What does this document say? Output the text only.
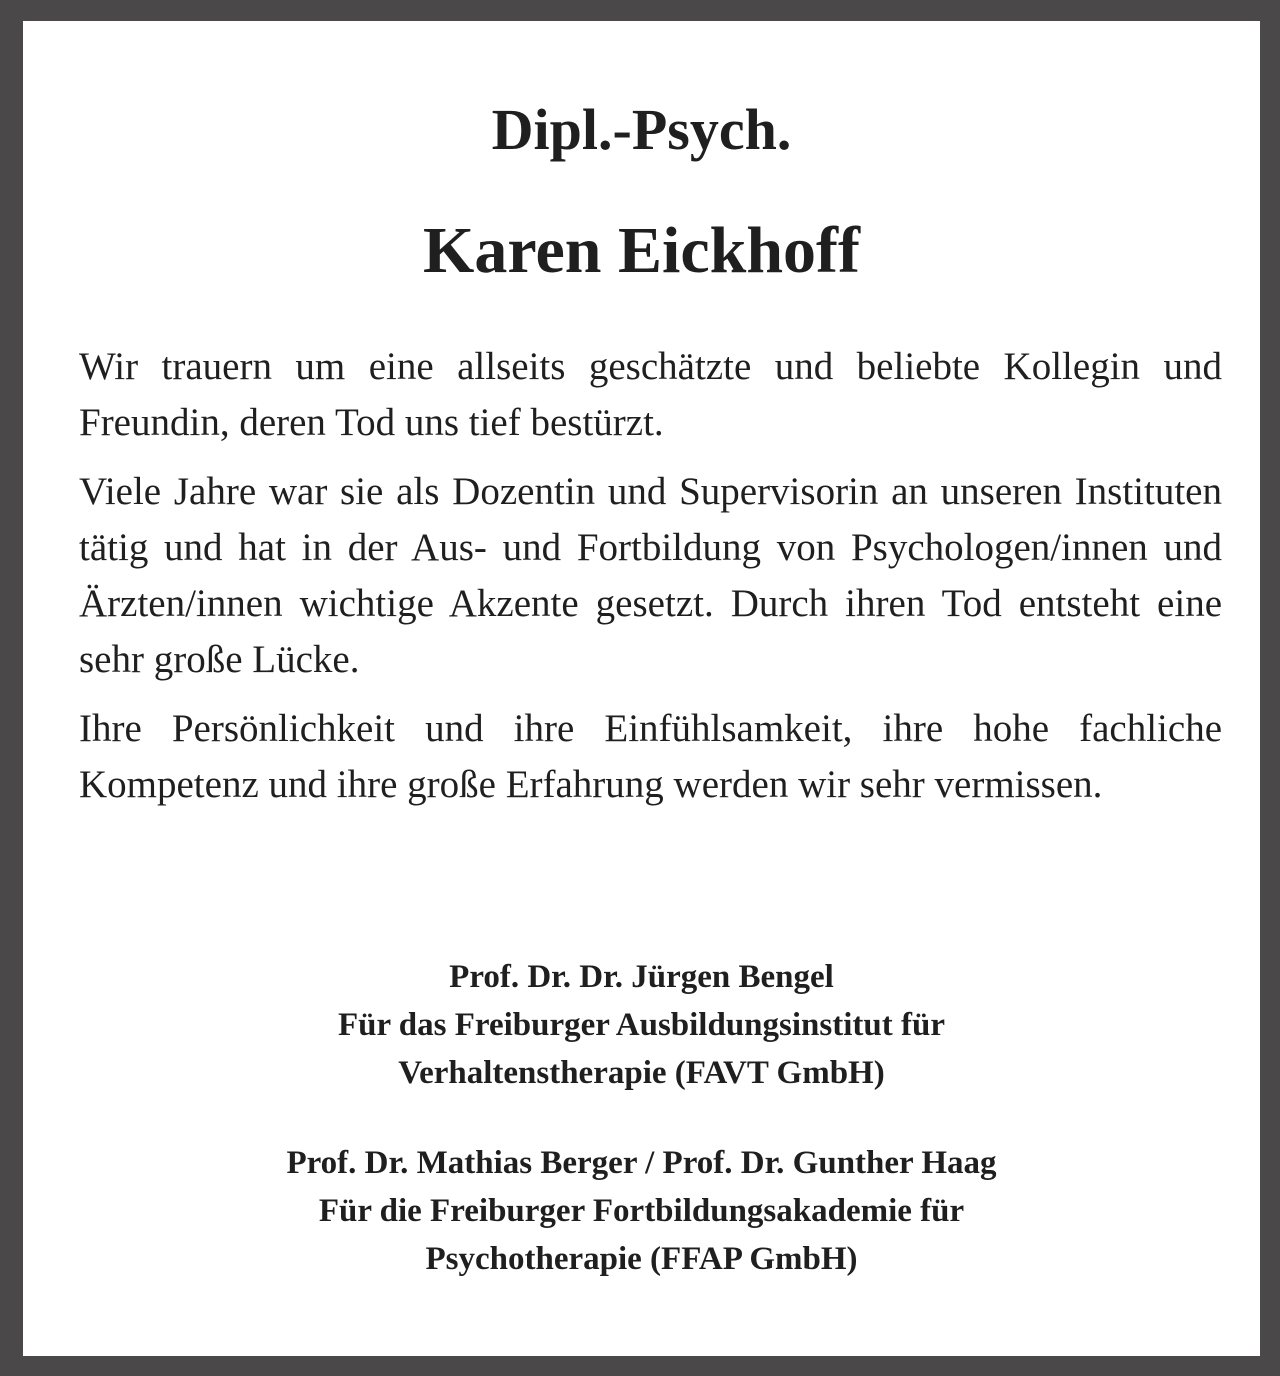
Dipl.-Psych.
Karen Eickhoff

Wir trauern um eine allseits geschätzte und beliebte Kollegin und Freundin, deren Tod uns tief bestürzt.

Viele Jahre war sie als Dozentin und Supervisorin an unseren Instituten tätig und hat in der Aus- und Fortbildung von Psychologen/innen und Ärzten/innen wichtige Akzente gesetzt. Durch ihren Tod entsteht eine sehr große Lücke.

Ihre Persönlichkeit und ihre Einfühlsamkeit, ihre hohe fachliche Kompetenz und ihre große Erfahrung werden wir sehr vermissen.

Prof. Dr. Dr. Jürgen Bengel
Für das Freiburger Ausbildungsinstitut für
Verhaltenstherapie (FAVT GmbH)
Prof. Dr. Mathias Berger / Prof. Dr. Gunther Haag
Für die Freiburger Fortbildungsakademie für
Psychotherapie (FFAP GmbH)
